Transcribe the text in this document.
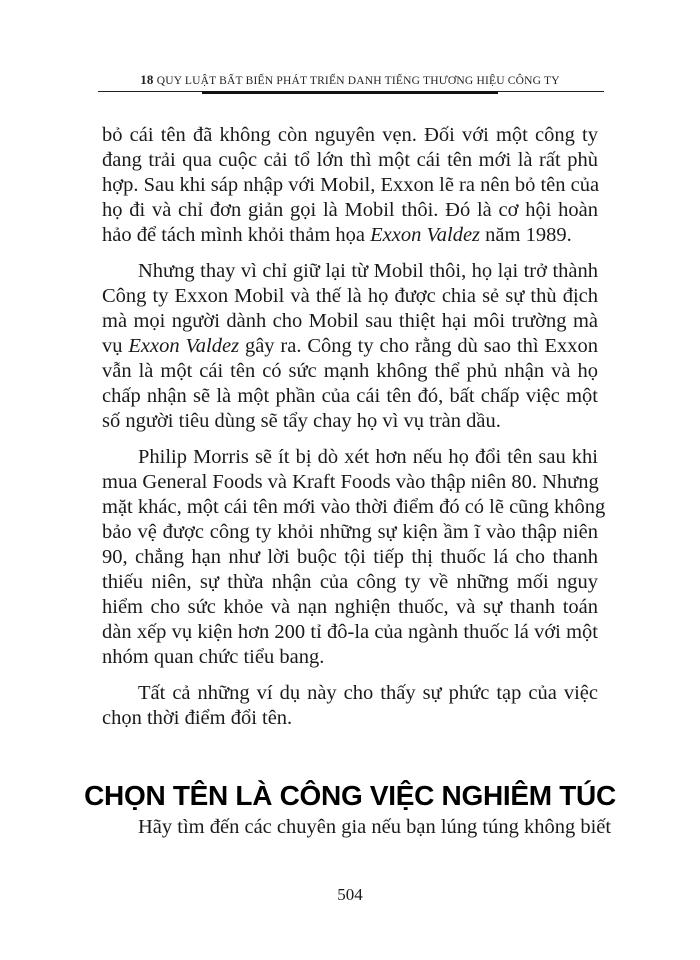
18 QUY LUẬT BẤT BIẾN PHÁT TRIỂN DANH TIẾNG THƯƠNG HIỆU CÔNG TY
bỏ cái tên đã không còn nguyên vẹn. Đối với một công ty
đang trải qua cuộc cải tổ lớn thì một cái tên mới là rất phù
hợp. Sau khi sáp nhập với Mobil, Exxon lẽ ra nên bỏ tên của
họ đi và chỉ đơn giản gọi là Mobil thôi. Đó là cơ hội hoàn
hảo để tách mình khỏi thảm họa Exxon Valdez năm 1989.
Nhưng thay vì chỉ giữ lại từ Mobil thôi, họ lại trở thành
Công ty Exxon Mobil và thế là họ được chia sẻ sự thù địch
mà mọi người dành cho Mobil sau thiệt hại môi trường mà
vụ Exxon Valdez gây ra. Công ty cho rằng dù sao thì Exxon
vẫn là một cái tên có sức mạnh không thể phủ nhận và họ
chấp nhận sẽ là một phần của cái tên đó, bất chấp việc một
số người tiêu dùng sẽ tẩy chay họ vì vụ tràn dầu.
Philip Morris sẽ ít bị dò xét hơn nếu họ đổi tên sau khi
mua General Foods và Kraft Foods vào thập niên 80. Nhưng
mặt khác, một cái tên mới vào thời điểm đó có lẽ cũng không
bảo vệ được công ty khỏi những sự kiện ầm ĩ vào thập niên
90, chẳng hạn như lời buộc tội tiếp thị thuốc lá cho thanh
thiếu niên, sự thừa nhận của công ty về những mối nguy
hiểm cho sức khỏe và nạn nghiện thuốc, và sự thanh toán
dàn xếp vụ kiện hơn 200 tỉ đô-la của ngành thuốc lá với một
nhóm quan chức tiểu bang.
Tất cả những ví dụ này cho thấy sự phức tạp của việc
chọn thời điểm đổi tên.
CHỌN TÊN LÀ CÔNG VIỆC NGHIÊM TÚC
Hãy tìm đến các chuyên gia nếu bạn lúng túng không biết
504
